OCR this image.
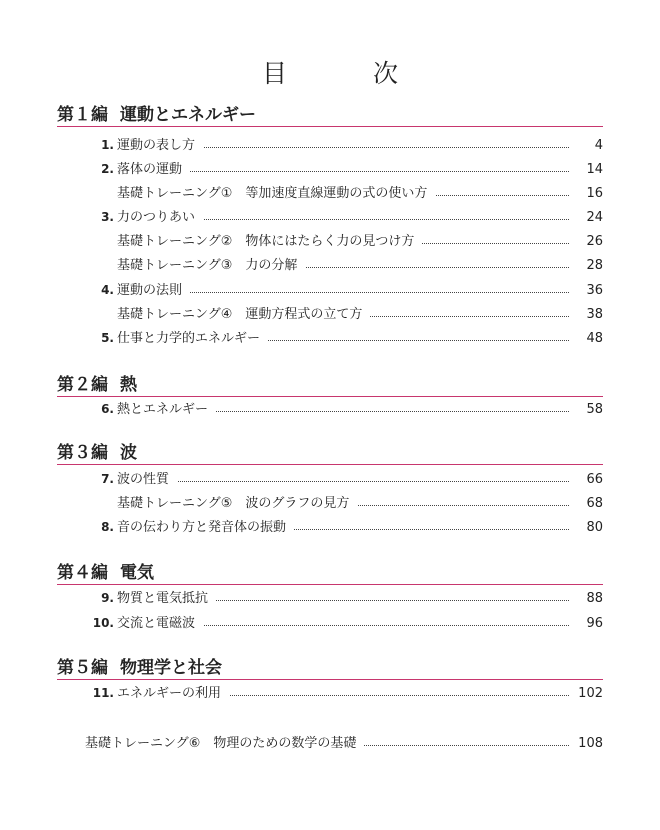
目	次
第１編 運動とエネルギー
1. 運動の表し方	4
2. 落体の運動	14
基礎トレーニング①　等加速度直線運動の式の使い方	16
3. 力のつりあい	24
基礎トレーニング②　物体にはたらく力の見つけ方	26
基礎トレーニング③　力の分解	28
4. 運動の法則	36
基礎トレーニング④　運動方程式の立て方	38
5. 仕事と力学的エネルギー	48
第２編 熱
6. 熱とエネルギー	58
第３編 波
7. 波の性質	66
基礎トレーニング⑤　波のグラフの見方	68
8. 音の伝わり方と発音体の振動	80
第４編 電気
9. 物質と電気抵抗	88
10. 交流と電磁波	96
第５編 物理学と社会
11. エネルギーの利用	102
基礎トレーニング⑥　物理のための数学の基礎	108
